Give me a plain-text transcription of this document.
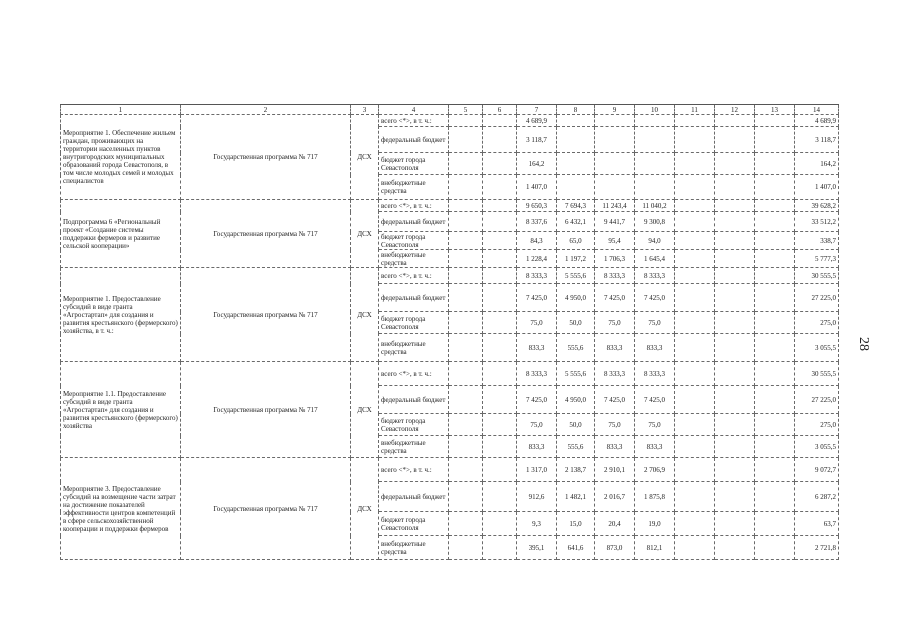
1	2	3	4	5	6	7	8	9	10	11	12	13	14
Мероприятие 1. Обеспечение жильем граждан, проживающих на территории населенных пунктов внутригородских муниципальных образований города Севастополя, в том числе молодых семей и молодых специалистов	Государственная программа № 717	ДСХ	всего <*>, в т. ч.:			4 689,9							4 689,9
			федеральный бюджет			3 118,7							3 118,7
			бюджет города Севастополя			164,2							164,2
			внебюджетные средства			1 407,0							1 407,0
Подпрограмма 6 «Региональный проект «Создание системы поддержки фермеров и развитие сельской кооперации»	Государственная программа № 717	ДСХ	всего <*>, в т. ч.:			9 650,3	7 694,3	11 243,4	11 040,2				39 628,2
			федеральный бюджет			8 337,6	6 432,1	9 441,7	9 300,8				33 512,2
			бюджет города Севастополя			84,3	65,0	95,4	94,0				338,7
			внебюджетные средства			1 228,4	1 197,2	1 706,3	1 645,4				5 777,3
Мероприятие 1. Предоставление субсидий в виде гранта «Агростартап» для создания и развития крестьянского (фермерского) хозяйства, в т. ч.:	Государственная программа № 717	ДСХ	всего <*>, в т. ч.:			8 333,3	5 555,6	8 333,3	8 333,3				30 555,5
			федеральный бюджет			7 425,0	4 950,0	7 425,0	7 425,0				27 225,0
			бюджет города Севастополя			75,0	50,0	75,0	75,0				275,0
			внебюджетные средства			833,3	555,6	833,3	833,3				3 055,5
Мероприятие 1.1. Предоставление субсидий в виде гранта «Агростартап» для создания и развития крестьянского (фермерского) хозяйства	Государственная программа № 717	ДСХ	всего <*>, в т. ч.:			8 333,3	5 555,6	8 333,3	8 333,3				30 555,5
			федеральный бюджет			7 425,0	4 950,0	7 425,0	7 425,0				27 225,0
			бюджет города Севастополя			75,0	50,0	75,0	75,0				275,0
			внебюджетные средства			833,3	555,6	833,3	833,3				3 055,5
Мероприятие 3. Предоставление субсидий на возмещение части затрат на достижение показателей эффективности центров компетенций в сфере сельскохозяйственной кооперации и поддержки фермеров	Государственная программа № 717	ДСХ	всего <*>, в т. ч.:			1 317,0	2 138,7	2 910,1	2 706,9				9 072,7
			федеральный бюджет			912,6	1 482,1	2 016,7	1 875,8				6 287,2
			бюджет города Севастополя			9,3	15,0	20,4	19,0				63,7
			внебюджетные средства			395,1	641,6	873,0	812,1				2 721,8
28
